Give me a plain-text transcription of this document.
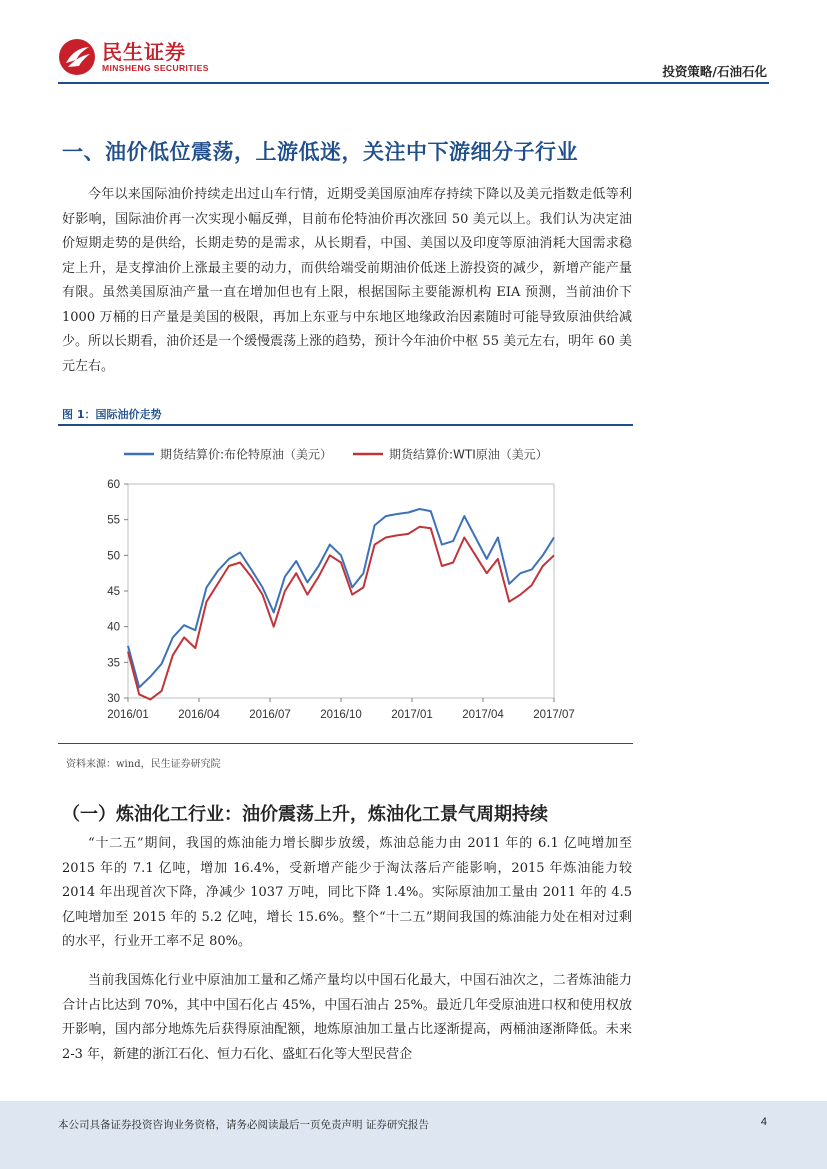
民生证券
MINSHENG SECURITIES	投资策略/石油石化
一、油价低位震荡，上游低迷，关注中下游细分子行业
今年以来国际油价持续走出过山车行情，近期受美国原油库存持续下降以及美元指数走低等利好影响，国际油价再一次实现小幅反弹，目前布伦特油价再次涨回 50 美元以上。我们认为决定油价短期走势的是供给，长期走势的是需求，从长期看，中国、美国以及印度等原油消耗大国需求稳定上升，是支撑油价上涨最主要的动力，而供给端受前期油价低迷上游投资的减少，新增产能产量有限。虽然美国原油产量一直在增加但也有上限，根据国际主要能源机构 EIA 预测，当前油价下 1000 万桶的日产量是美国的极限，再加上东亚与中东地区地缘政治因素随时可能导致原油供给减少。所以长期看，油价还是一个缓慢震荡上涨的趋势，预计今年油价中枢 55 美元左右，明年 60 美元左右。
图 1：国际油价走势
期货结算价:布伦特原油（美元）	期货结算价:WTI原油（美元）
30
35
40
45
50
55
60
2016/01	2016/04	2016/07	2016/10	2017/01	2017/04	2017/07
资料来源：wind，民生证券研究院
（一）炼油化工行业：油价震荡上升，炼油化工景气周期持续
“十二五”期间，我国的炼油能力增长脚步放缓，炼油总能力由 2011 年的 6.1 亿吨增加至 2015 年的 7.1 亿吨，增加 16.4%，受新增产能少于淘汰落后产能影响，2015 年炼油能力较 2014 年出现首次下降，净减少 1037 万吨，同比下降 1.4%。实际原油加工量由 2011 年的 4.5 亿吨增加至 2015 年的 5.2 亿吨，增长 15.6%。整个“十二五”期间我国的炼油能力处在相对过剩的水平，行业开工率不足 80%。
当前我国炼化行业中原油加工量和乙烯产量均以中国石化最大，中国石油次之，二者炼油能力合计占比达到 70%，其中中国石化占 45%，中国石油占 25%。最近几年受原油进口权和使用权放开影响，国内部分地炼先后获得原油配额，地炼原油加工量占比逐渐提高，两桶油逐渐降低。未来 2-3 年，新建的浙江石化、恒力石化、盛虹石化等大型民营企
本公司具备证券投资咨询业务资格，请务必阅读最后一页免责声明 证券研究报告	4
